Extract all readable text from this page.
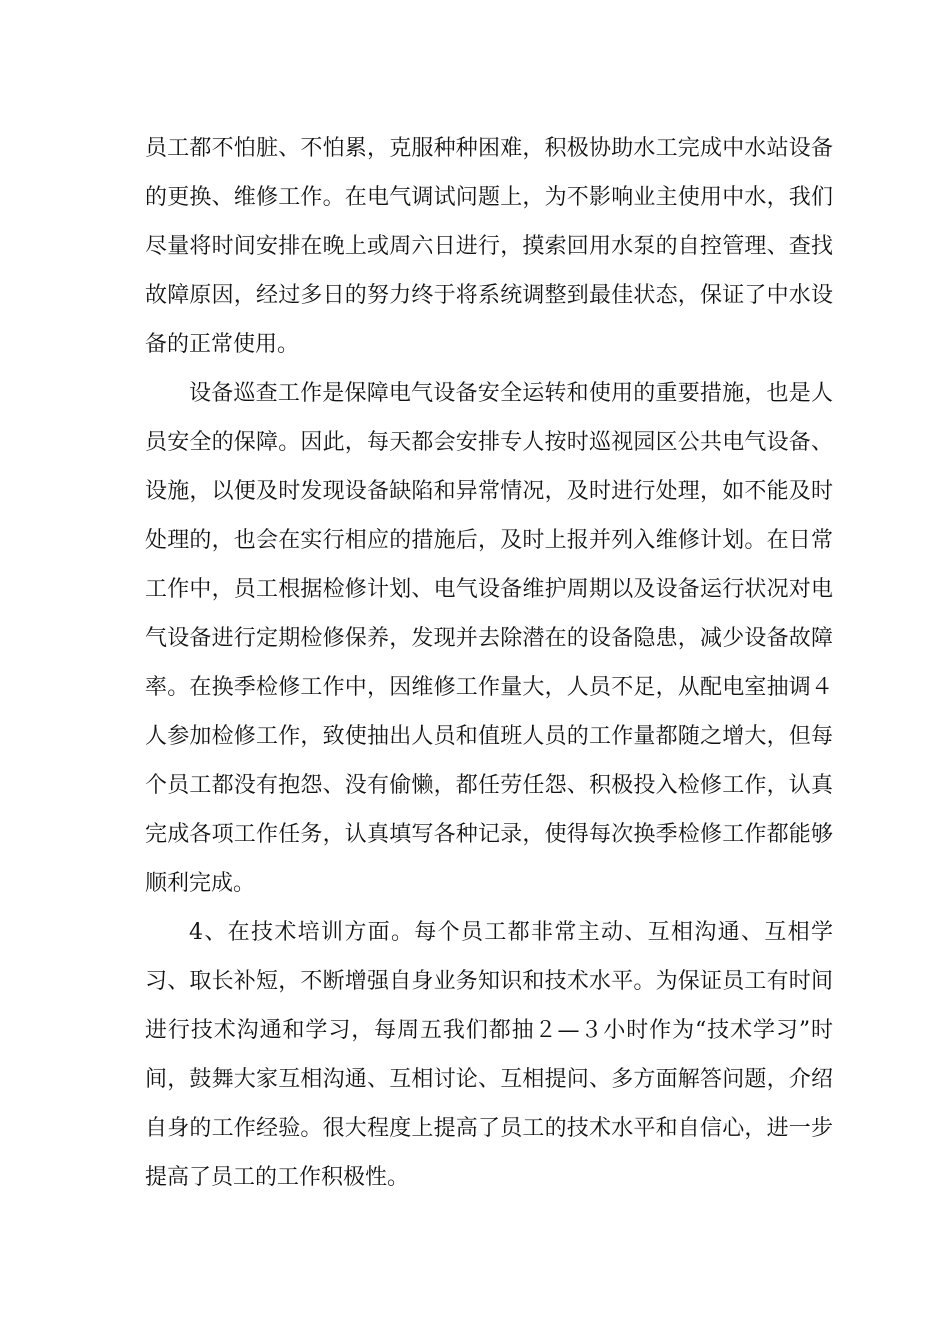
员工都不怕脏、不怕累，克服种种困难，积极协助水工完成中水站设备的更换、维修工作。在电气调试问题上，为不影响业主使用中水，我们尽量将时间安排在晚上或周六日进行，摸索回用水泵的自控管理、查找故障原因，经过多日的努力终于将系统调整到最佳状态，保证了中水设备的正常使用。

设备巡查工作是保障电气设备安全运转和使用的重要措施，也是人员安全的保障。因此，每天都会安排专人按时巡视园区公共电气设备、设施，以便及时发现设备缺陷和异常情况，及时进行处理，如不能及时处理的，也会在实行相应的措施后，及时上报并列入维修计划。在日常工作中，员工根据检修计划、电气设备维护周期以及设备运行状况对电气设备进行定期检修保养，发现并去除潜在的设备隐患，减少设备故障率。在换季检修工作中，因维修工作量大，人员不足，从配电室抽调４人参加检修工作，致使抽出人员和值班人员的工作量都随之增大，但每个员工都没有抱怨、没有偷懒，都任劳任怨、积极投入检修工作，认真完成各项工作任务，认真填写各种记录，使得每次换季检修工作都能够顺利完成。

4、在技术培训方面。每个员工都非常主动、互相沟通、互相学习、取长补短，不断增强自身业务知识和技术水平。为保证员工有时间进行技术沟通和学习，每周五我们都抽２—３小时作为“技术学习”时间，鼓舞大家互相沟通、互相讨论、互相提问、多方面解答问题，介绍自身的工作经验。很大程度上提高了员工的技术水平和自信心，进一步提高了员工的工作积极性。
